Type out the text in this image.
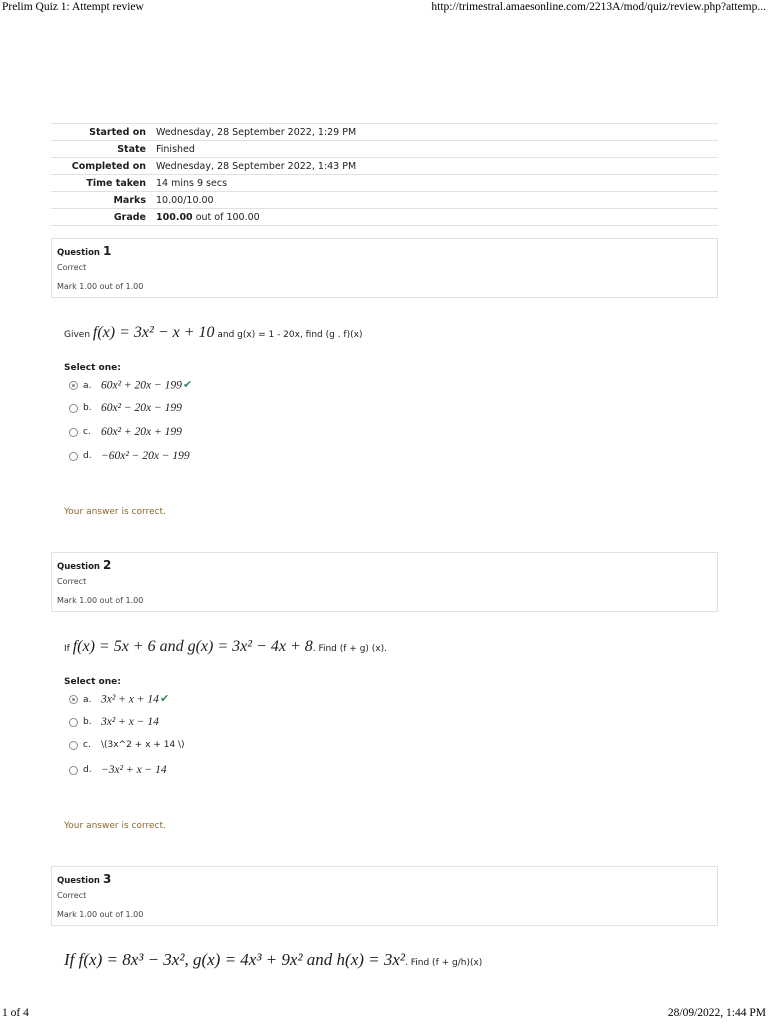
Prelim Quiz 1: Attempt review	http://trimestral.amaesonline.com/2213A/mod/quiz/review.php?attemp...
Started on	Wednesday, 28 September 2022, 1:29 PM
State	Finished
Completed on	Wednesday, 28 September 2022, 1:43 PM
Time taken	14 mins 9 secs
Marks	10.00/10.00
Grade	100.00 out of 100.00
Question 1
Correct
Mark 1.00 out of 1.00
Given f(x) = 3x² − x + 10 and g(x) = 1 - 20x, find (g . f)(x)
Select one:
a. 60x² + 20x − 199✔
b. 60x² − 20x − 199
c. 60x² + 20x + 199
d. −60x² − 20x − 199
Your answer is correct.
Question 2
Correct
Mark 1.00 out of 1.00
If f(x) = 5x + 6 and g(x) = 3x² − 4x + 8. Find (f + g) (x).
Select one:
a. 3x² + x + 14✔
b. 3x² + x − 14
c. \(3x^2 + x + 14 \)
d. −3x² + x − 14
Your answer is correct.
Question 3
Correct
Mark 1.00 out of 1.00
If f(x) = 8x³ − 3x², g(x) = 4x³ + 9x² and h(x) = 3x². Find (f + g/h)(x)
1 of 4	28/09/2022, 1:44 PM
